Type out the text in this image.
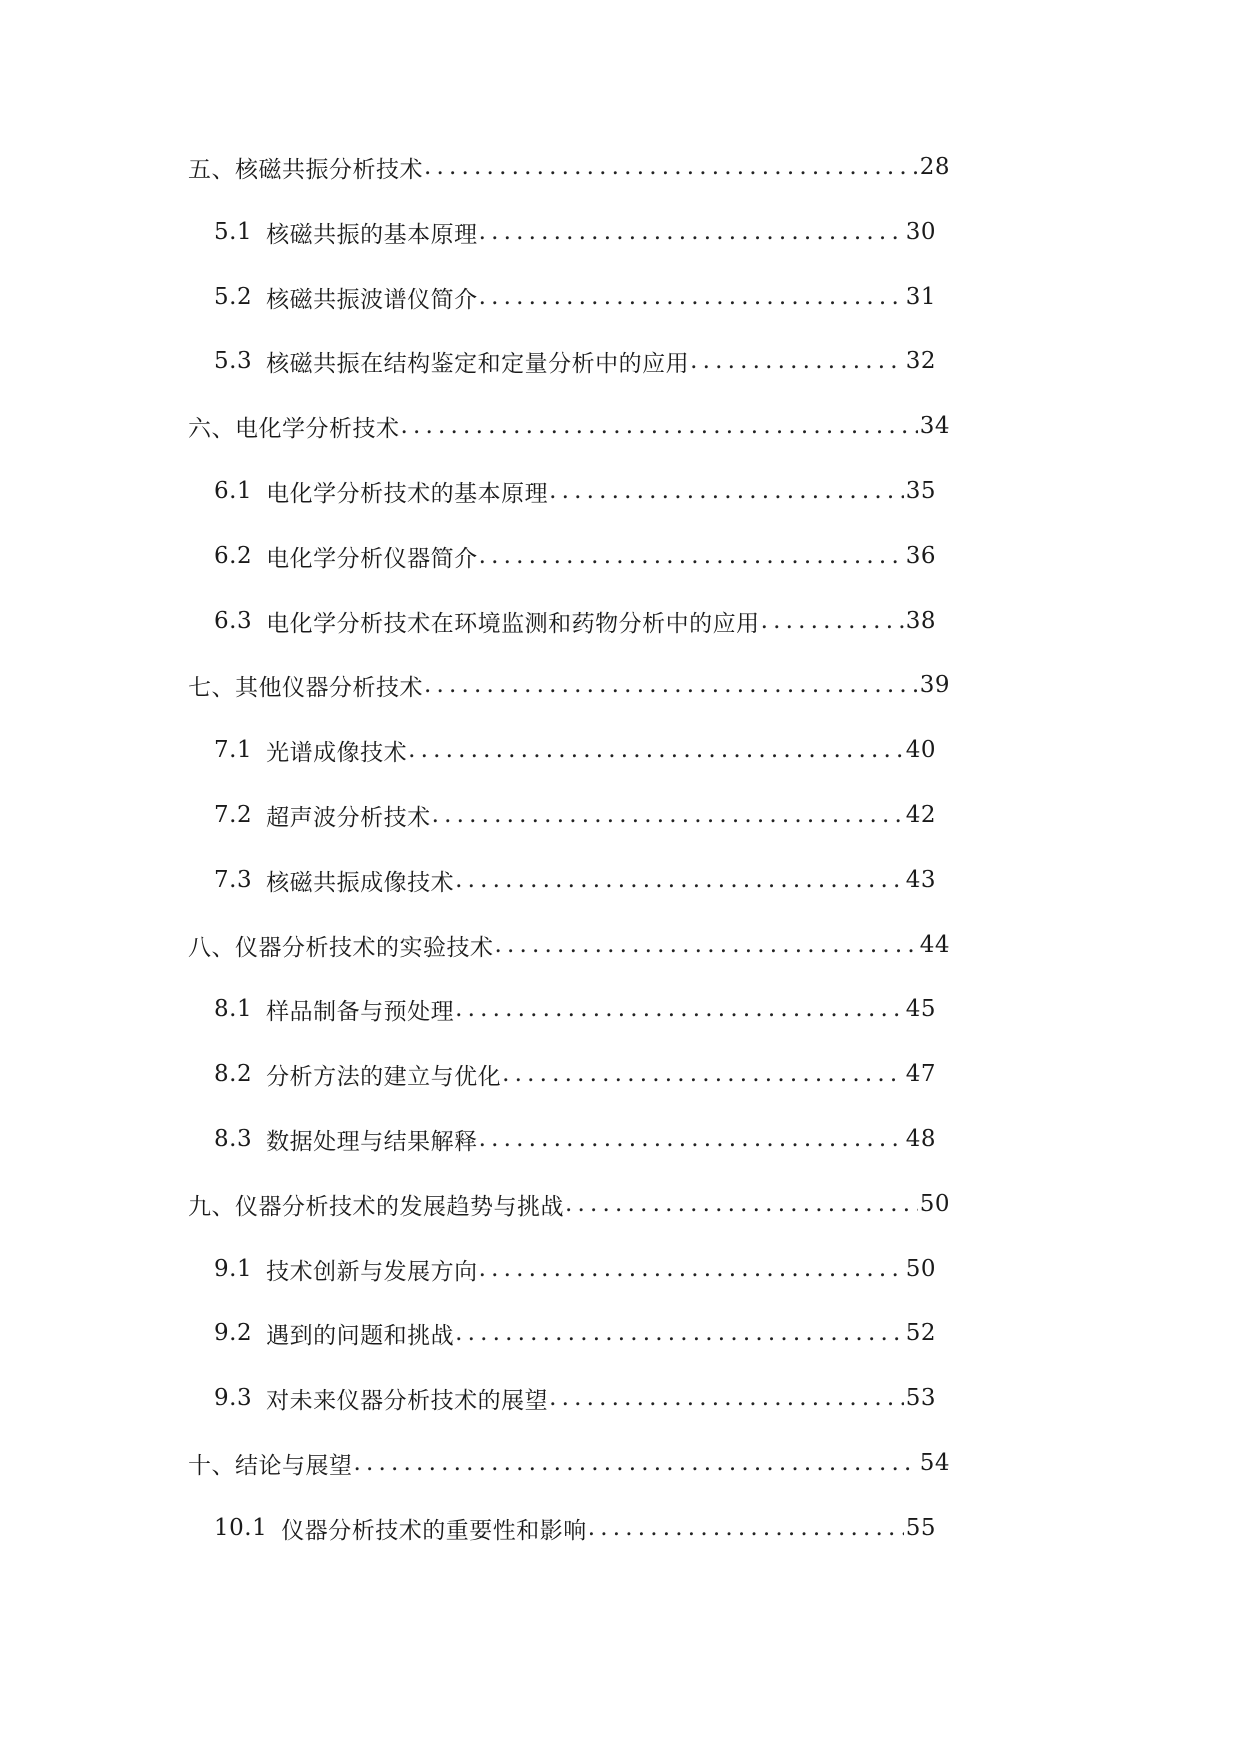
五、 核磁共振分析技术 .....	28
5.1 核磁共振的基本原理 .....	30
5.2 核磁共振波谱仪简介 .....	31
5.3 核磁共振在结构鉴定和定量分析中的应用 .....	32
六、 电化学分析技术 .....	34
6.1 电化学分析技术的基本原理 .....	35
6.2 电化学分析仪器简介 .....	36
6.3 电化学分析技术在环境监测和药物分析中的应用 .....	38
七、 其他仪器分析技术 .....	39
7.1 光谱成像技术 .....	40
7.2 超声波分析技术 .....	42
7.3 核磁共振成像技术 .....	43
八、 仪器分析技术的实验技术 .....	44
8.1 样品制备与预处理 .....	45
8.2 分析方法的建立与优化 .....	47
8.3 数据处理与结果解释 .....	48
九、 仪器分析技术的发展趋势与挑战 .....	50
9.1 技术创新与发展方向 .....	50
9.2 遇到的问题和挑战 .....	52
9.3 对未来仪器分析技术的展望 .....	53
十、 结论与展望 .....	54
10.1 仪器分析技术的重要性和影响 .....	55
